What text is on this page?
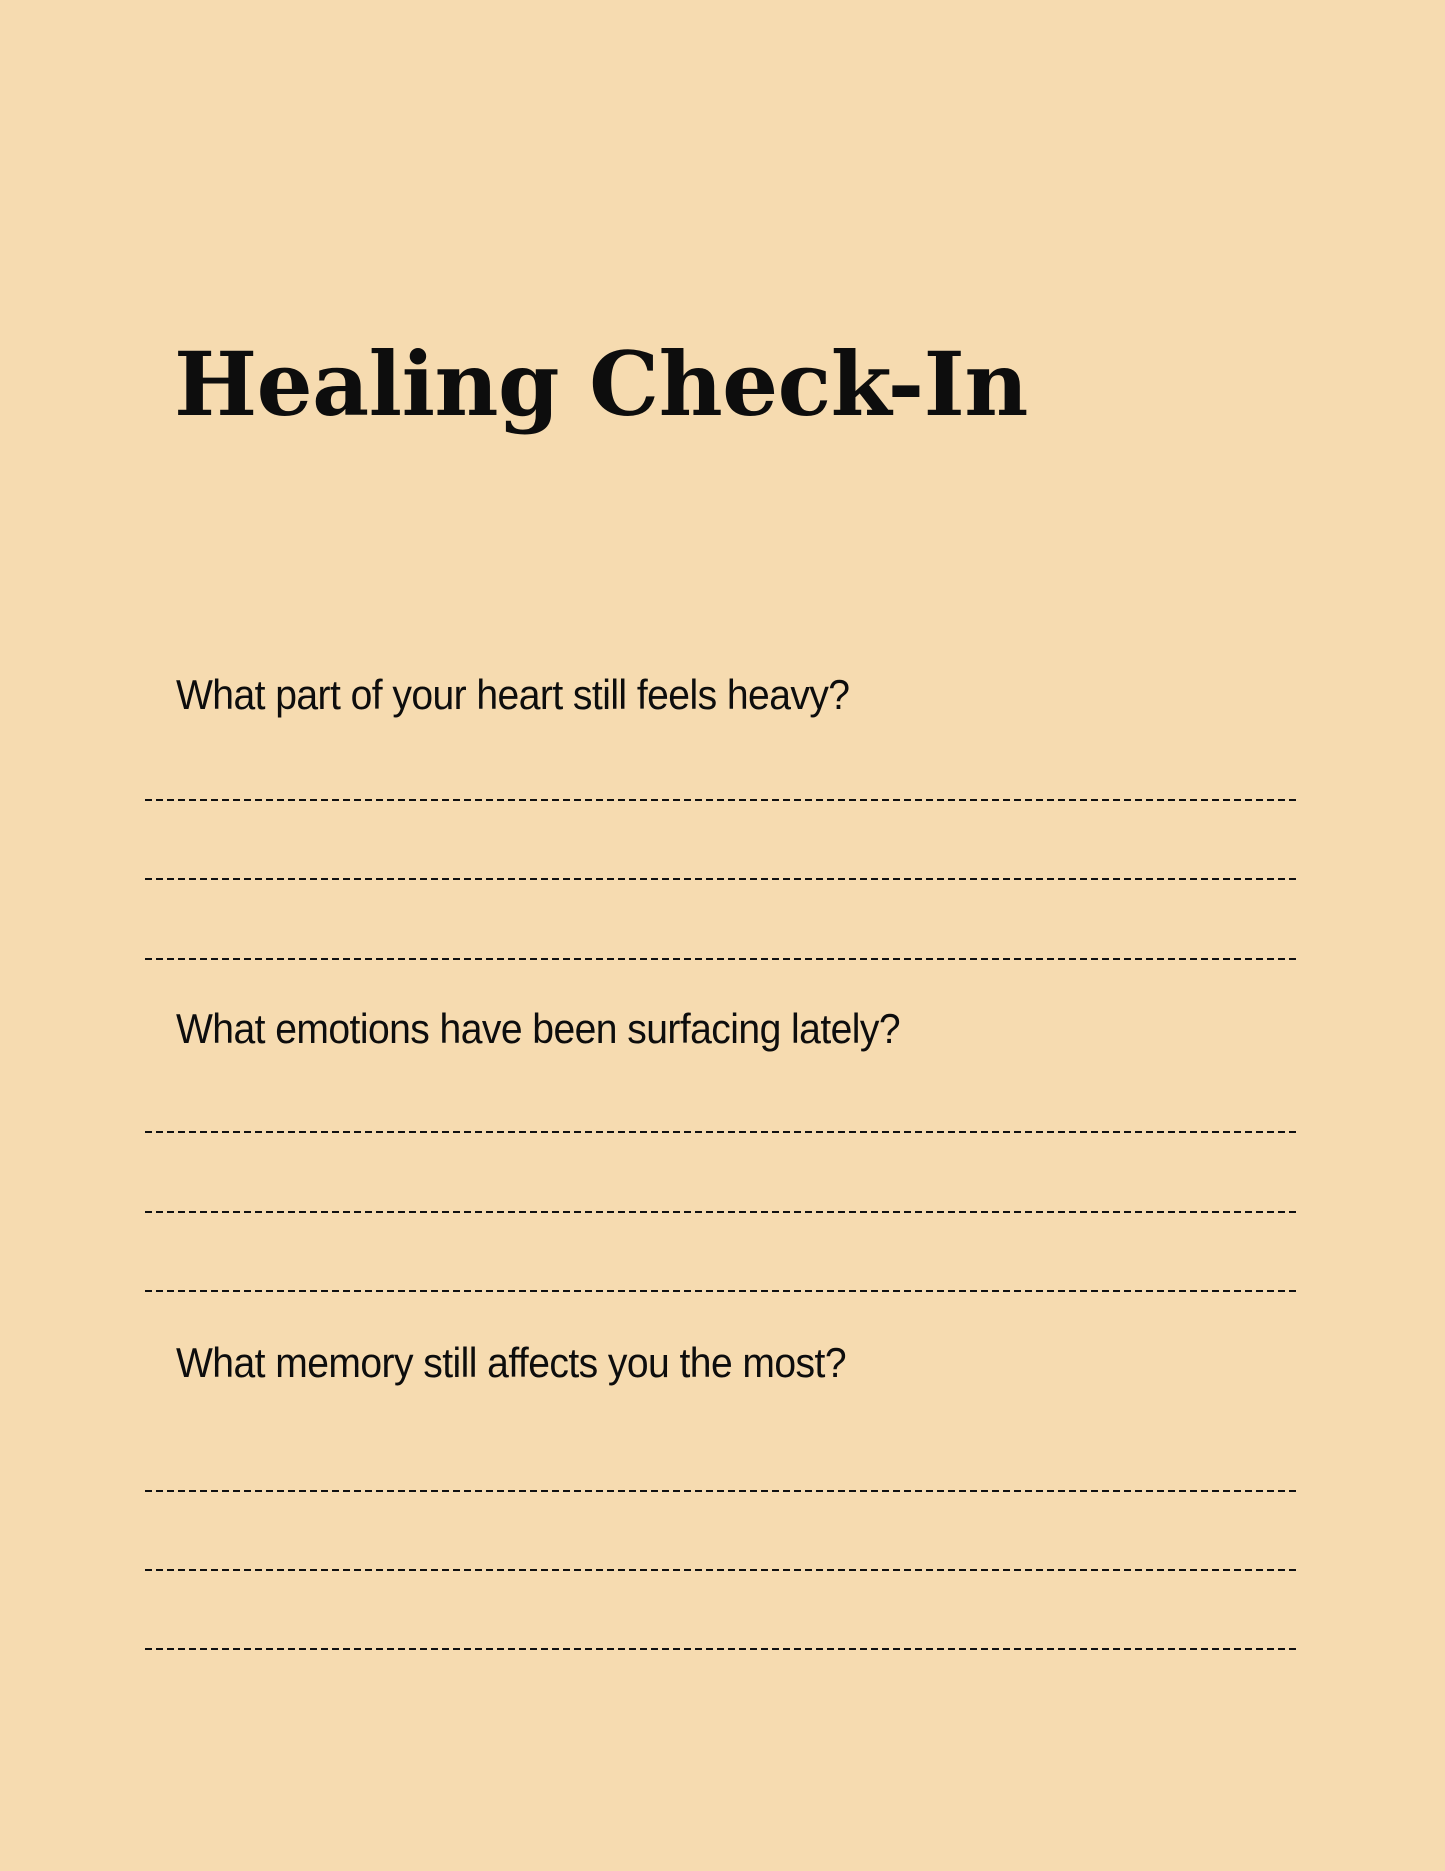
Healing Check-In

What part of your heart still feels heavy?

What emotions have been surfacing lately?

What memory still affects you the most?
